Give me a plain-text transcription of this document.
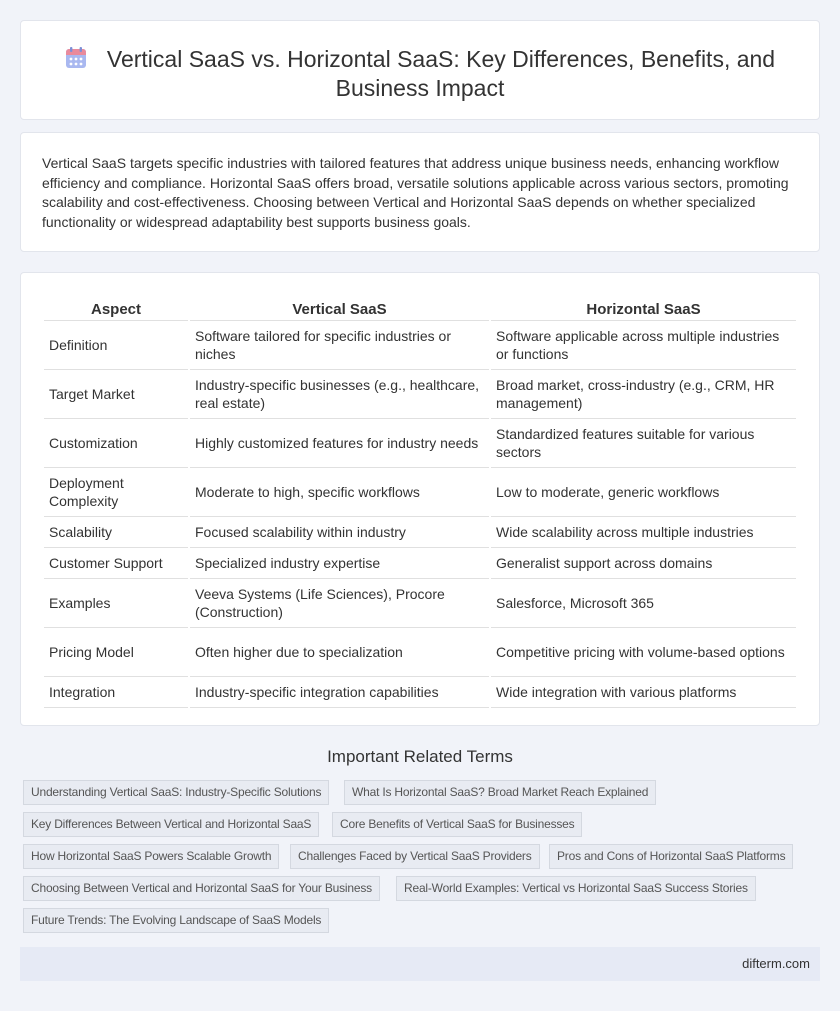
Vertical SaaS vs. Horizontal SaaS: Key Differences, Benefits, and Business Impact

Vertical SaaS targets specific industries with tailored features that address unique business needs, enhancing workflow efficiency and compliance. Horizontal SaaS offers broad, versatile solutions applicable across various sectors, promoting scalability and cost-effectiveness. Choosing between Vertical and Horizontal SaaS depends on whether specialized functionality or widespread adaptability best supports business goals.

Aspect	Vertical SaaS	Horizontal SaaS
Definition	Software tailored for specific industries or niches	Software applicable across multiple industries or functions
Target Market	Industry-specific businesses (e.g., healthcare, real estate)	Broad market, cross-industry (e.g., CRM, HR management)
Customization	Highly customized features for industry needs	Standardized features suitable for various sectors
Deployment Complexity	Moderate to high, specific workflows	Low to moderate, generic workflows
Scalability	Focused scalability within industry	Wide scalability across multiple industries
Customer Support	Specialized industry expertise	Generalist support across domains
Examples	Veeva Systems (Life Sciences), Procore (Construction)	Salesforce, Microsoft 365
Pricing Model	Often higher due to specialization	Competitive pricing with volume-based options
Integration	Industry-specific integration capabilities	Wide integration with various platforms
Important Related Terms
Understanding Vertical SaaS: Industry-Specific Solutions	What Is Horizontal SaaS? Broad Market Reach Explained
Key Differences Between Vertical and Horizontal SaaS	Core Benefits of Vertical SaaS for Businesses
How Horizontal SaaS Powers Scalable Growth	Challenges Faced by Vertical SaaS Providers	Pros and Cons of Horizontal SaaS Platforms
Choosing Between Vertical and Horizontal SaaS for Your Business	Real-World Examples: Vertical vs Horizontal SaaS Success Stories
Future Trends: The Evolving Landscape of SaaS Models
difterm.com
